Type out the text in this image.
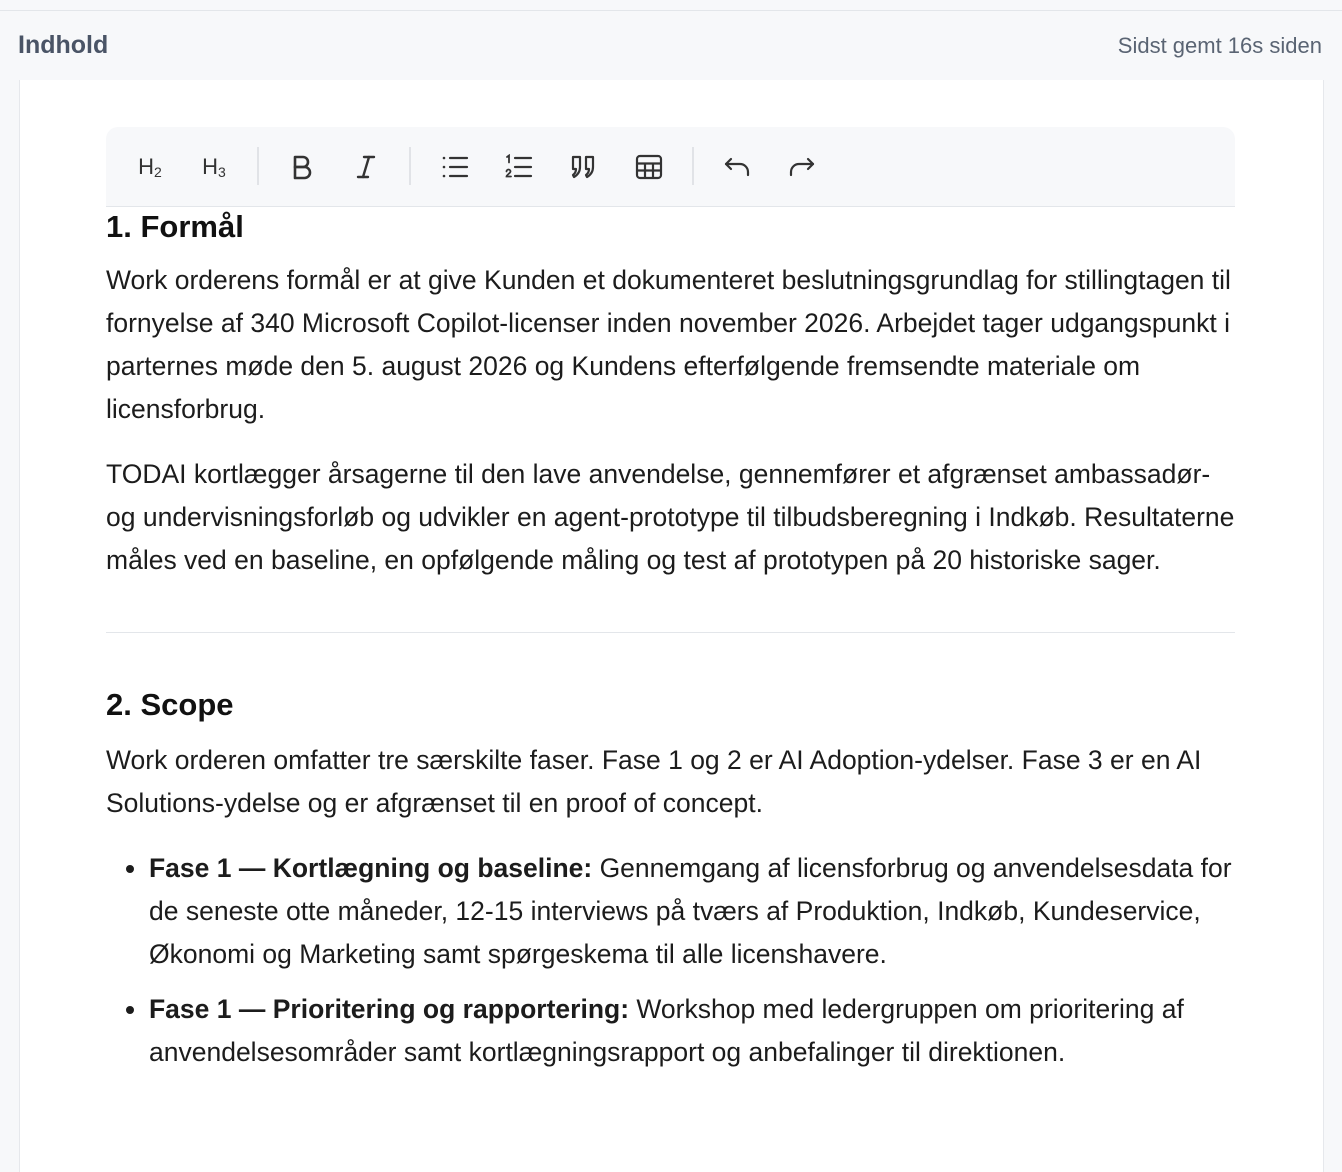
Indhold	Sidst gemt 16s siden
$H_2$ $H_3$
1. Formål

Work orderens formål er at give Kunden et dokumenteret beslutningsgrundlag for stillingtagen til fornyelse af 340 Microsoft Copilot-licenser inden november 2026. Arbejdet tager udgangspunkt i parternes møde den 5. august 2026 og Kundens efterfølgende fremsendte materiale om licensforbrug.

TODAI kortlægger årsagerne til den lave anvendelse, gennemfører et afgrænset ambassadør- og undervisningsforløb og udvikler en agent-prototype til tilbudsberegning i Indkøb. Resultaterne måles ved en baseline, en opfølgende måling og test af prototypen på 20 historiske sager.

2. Scope

Work orderen omfatter tre særskilte faser. Fase 1 og 2 er AI Adoption-ydelser. Fase 3 er en AI Solutions-ydelse og er afgrænset til en proof of concept.

• Fase 1 — Kortlægning og baseline: Gennemgang af licensforbrug og anvendelsesdata for de seneste otte måneder, 12-15 interviews på tværs af Produktion, Indkøb, Kundeservice, Økonomi og Marketing samt spørgeskema til alle licenshavere.
• Fase 1 — Prioritering og rapportering: Workshop med ledergruppen om prioritering af anvendelsesområder samt kortlægningsrapport og anbefalinger til direktionen.
